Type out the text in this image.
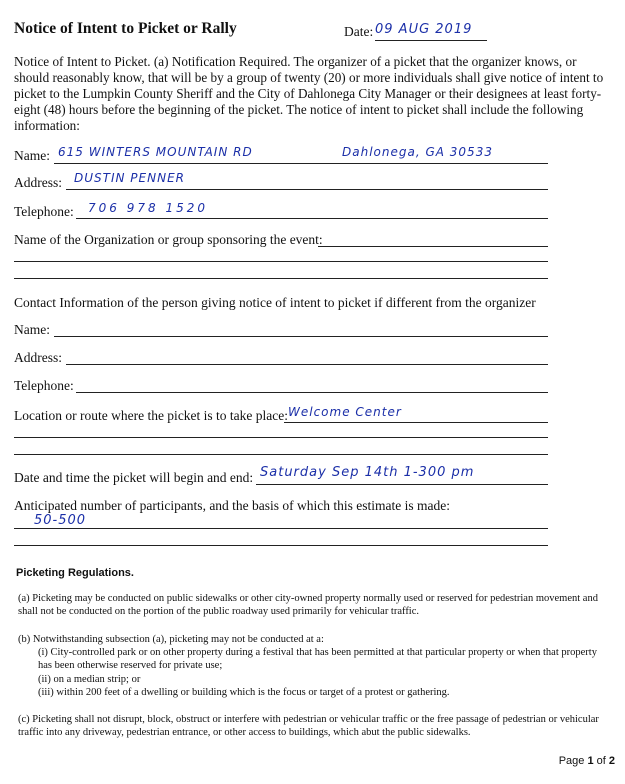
Notice of Intent to Picket or Rally	Date: 09 AUG 2019
Notice of Intent to Picket. (a) Notification Required. The organizer of a picket that the organizer knows, or should reasonably know, that will be by a group of twenty (20) or more individuals shall give notice of intent to picket to the Lumpkin County Sheriff and the City of Dahlonega City Manager or their designees at least forty-eight (48) hours before the beginning of the picket. The notice of intent to picket shall include the following information:
Name: 615 WINTERS MOUNTAIN RD	Dahlonega, GA 30533
Address: DUSTIN PENNER
Telephone: 706 978 1520
Name of the Organization or group sponsoring the event:
Contact Information of the person giving notice of intent to picket if different from the organizer
Name:
Address:
Telephone:
Location or route where the picket is to take place: Welcome Center
Date and time the picket will begin and end: Saturday Sep 14th 1-300 pm
Anticipated number of participants, and the basis of which this estimate is made:
50-500
Picketing Regulations.
(a) Picketing may be conducted on public sidewalks or other city-owned property normally used or reserved for pedestrian movement and shall not be conducted on the portion of the public roadway used primarily for vehicular traffic.
(b) Notwithstanding subsection (a), picketing may not be conducted at a:
(i) City-controlled park or on other property during a festival that has been permitted at that particular property or when that property has been otherwise reserved for private use;
(ii) on a median strip; or
(iii) within 200 feet of a dwelling or building which is the focus or target of a protest or gathering.
(c) Picketing shall not disrupt, block, obstruct or interfere with pedestrian or vehicular traffic or the free passage of pedestrian or vehicular traffic into any driveway, pedestrian entrance, or other access to buildings, which abut the public sidewalks.
Page 1 of 2
